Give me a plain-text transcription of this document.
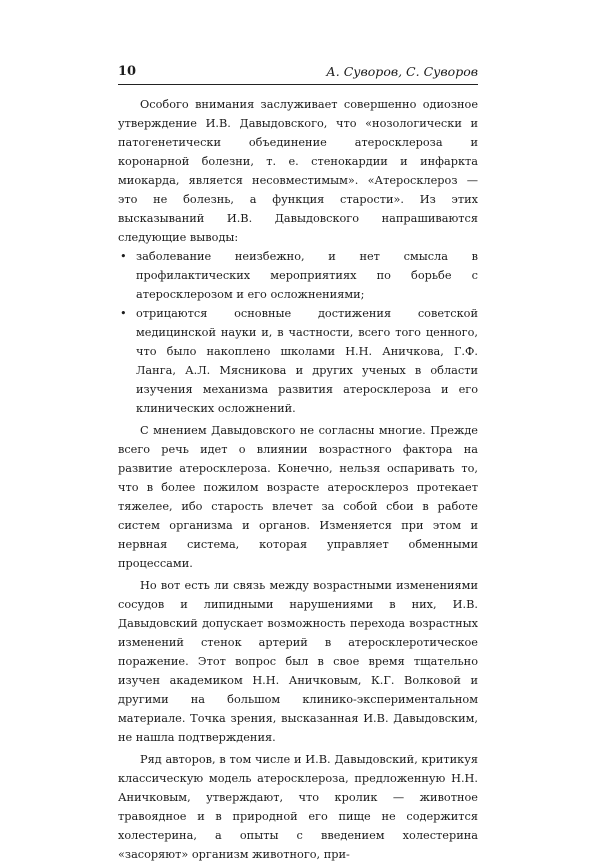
10	А. Суворов, С. Суворов

Особого внимания заслуживает совершенно одиозное утверждение И.В. Давыдовского, что «нозологически и патогенетически объединение атеросклероза и коронарной болезни, т. е. стенокардии и инфаркта миокарда, является несовместимым». «Атеросклероз — это не болезнь, а функция старости». Из этих высказываний И.В. Давыдовского напрашиваются следующие выводы:

• заболевание неизбежно, и нет смысла в профилактических мероприятиях по борьбе с атеросклерозом и его осложнениями;
• отрицаются основные достижения советской медицинской науки и, в частности, всего того ценного, что было накоплено школами Н.Н. Аничкова, Г.Ф. Ланга, А.Л. Мясникова и других ученых в области изучения механизма развития атеросклероза и его клинических осложнений.

С мнением Давыдовского не согласны многие. Прежде всего речь идет о влиянии возрастного фактора на развитие атеросклероза. Конечно, нельзя оспаривать то, что в более пожилом возрасте атеросклероз протекает тяжелее, ибо старость влечет за собой сбои в работе систем организма и органов. Изменяется при этом и нервная система, которая управляет обменными процессами.

Но вот есть ли связь между возрастными изменениями сосудов и липидными нарушениями в них, И.В. Давыдовский допускает возможность перехода возрастных изменений стенок артерий в атеросклеротическое поражение. Этот вопрос был в свое время тщательно изучен академиком Н.Н. Аничковым, К.Г. Волковой и другими на большом клинико-экспериментальном материале. Точка зрения, высказанная И.В. Давыдовским, не нашла подтверждения.

Ряд авторов, в том числе и И.В. Давыдовский, критикуя классическую модель атеросклероза, предложенную Н.Н. Аничковым, утверждают, что кролик — животное травоядное и в природной его пище не содержится холестерина, а опыты с введением холестерина «засоряют» организм животного, при-
